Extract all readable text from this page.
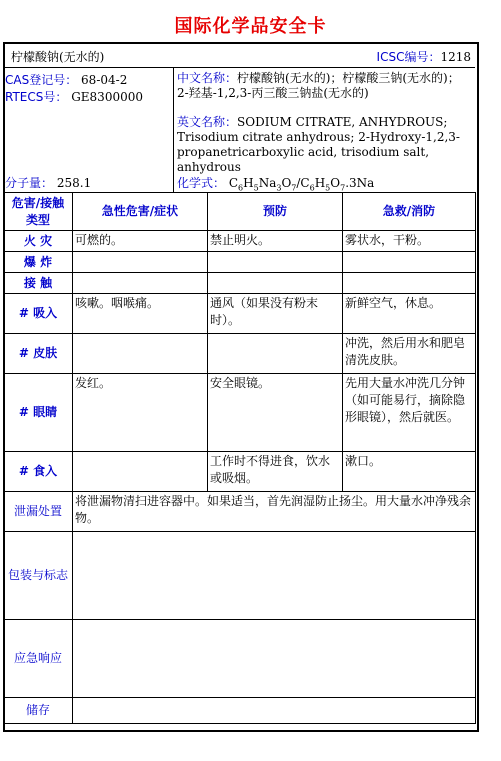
国际化学品安全卡
柠檬酸钠(无水的)	ICSC编号：1218
CAS登记号： 68-04-2
RTECS号： GE8300000
分子量： 258.1
中文名称：柠檬酸钠(无水的)；柠檬酸三钠(无水的)；2-羟基-1,2,3-丙三酸三钠盐(无水的)
英文名称：SODIUM CITRATE, ANHYDROUS; Trisodium citrate anhydrous; 2-Hydroxy-1,2,3-propanetricarboxylic acid, trisodium salt, anhydrous
化学式： $C_6H_5Na_3O_7/C_6H_5O_7.3Na$
危害/接触类型	急性危害/症状	预防	急救/消防
火 灾	可燃的。	禁止明火。	雾状水，干粉。
爆 炸			
接 触			
# 吸入	咳嗽。咽喉痛。	通风（如果没有粉末时）。	新鲜空气，休息。
# 皮肤			冲洗，然后用水和肥皂清洗皮肤。
# 眼睛	发红。	安全眼镜。	先用大量水冲洗几分钟（如可能易行，摘除隐形眼镜），然后就医。
# 食入		工作时不得进食，饮水或吸烟。	漱口。
泄漏处置	将泄漏物清扫进容器中。如果适当，首先润湿防止扬尘。用大量水冲净残余物。		
包装与标志			
应急响应			
储存			
